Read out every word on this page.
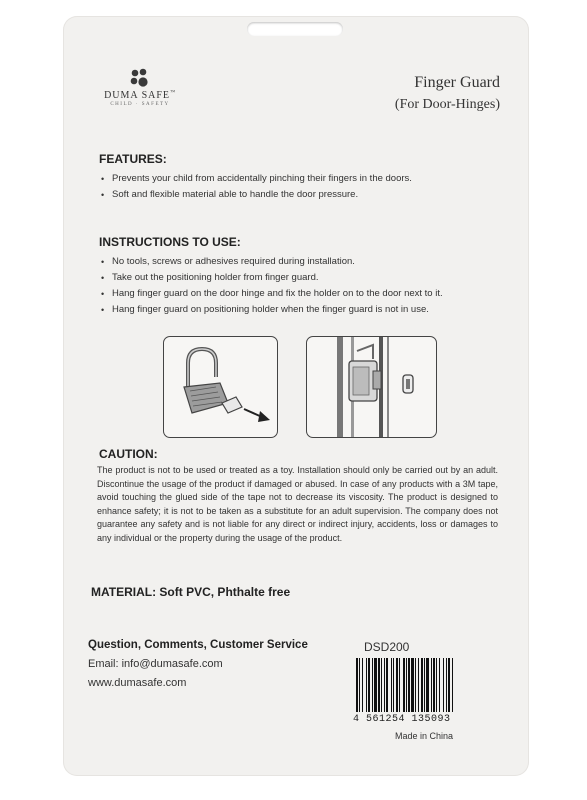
DUMA SAFE™
CHILD · SAFETY
Finger Guard
(For Door-Hinges)
FEATURES:
• Prevents your child from accidentally pinching their fingers in the doors.
• Soft and flexible material able to handle the door pressure.
INSTRUCTIONS TO USE:
• No tools, screws or adhesives required during installation.
• Take out the positioning holder from finger guard.
• Hang finger guard on the door hinge and fix the holder on to the door next to it.
• Hang finger guard on positioning holder when the finger guard is not in use.
CAUTION:
The product is not to be used or treated as a toy. Installation should only be carried out by an adult. Discontinue the usage of the product if damaged or abused. In case of any products with a 3M tape, avoid touching the glued side of the tape not to decrease its viscosity. The product is designed to enhance safety; it is not to be taken as a substitute for an adult supervision. The company does not guarantee any safety and is not liable for any direct or indirect injury, accidents, loss or damages to any individual or the property during the usage of the product.
MATERIAL: Soft PVC, Phthalte free
Question, Comments, Customer Service
Email: info@dumasafe.com
www.dumasafe.com
DSD200
4 561254 135093
Made in China
